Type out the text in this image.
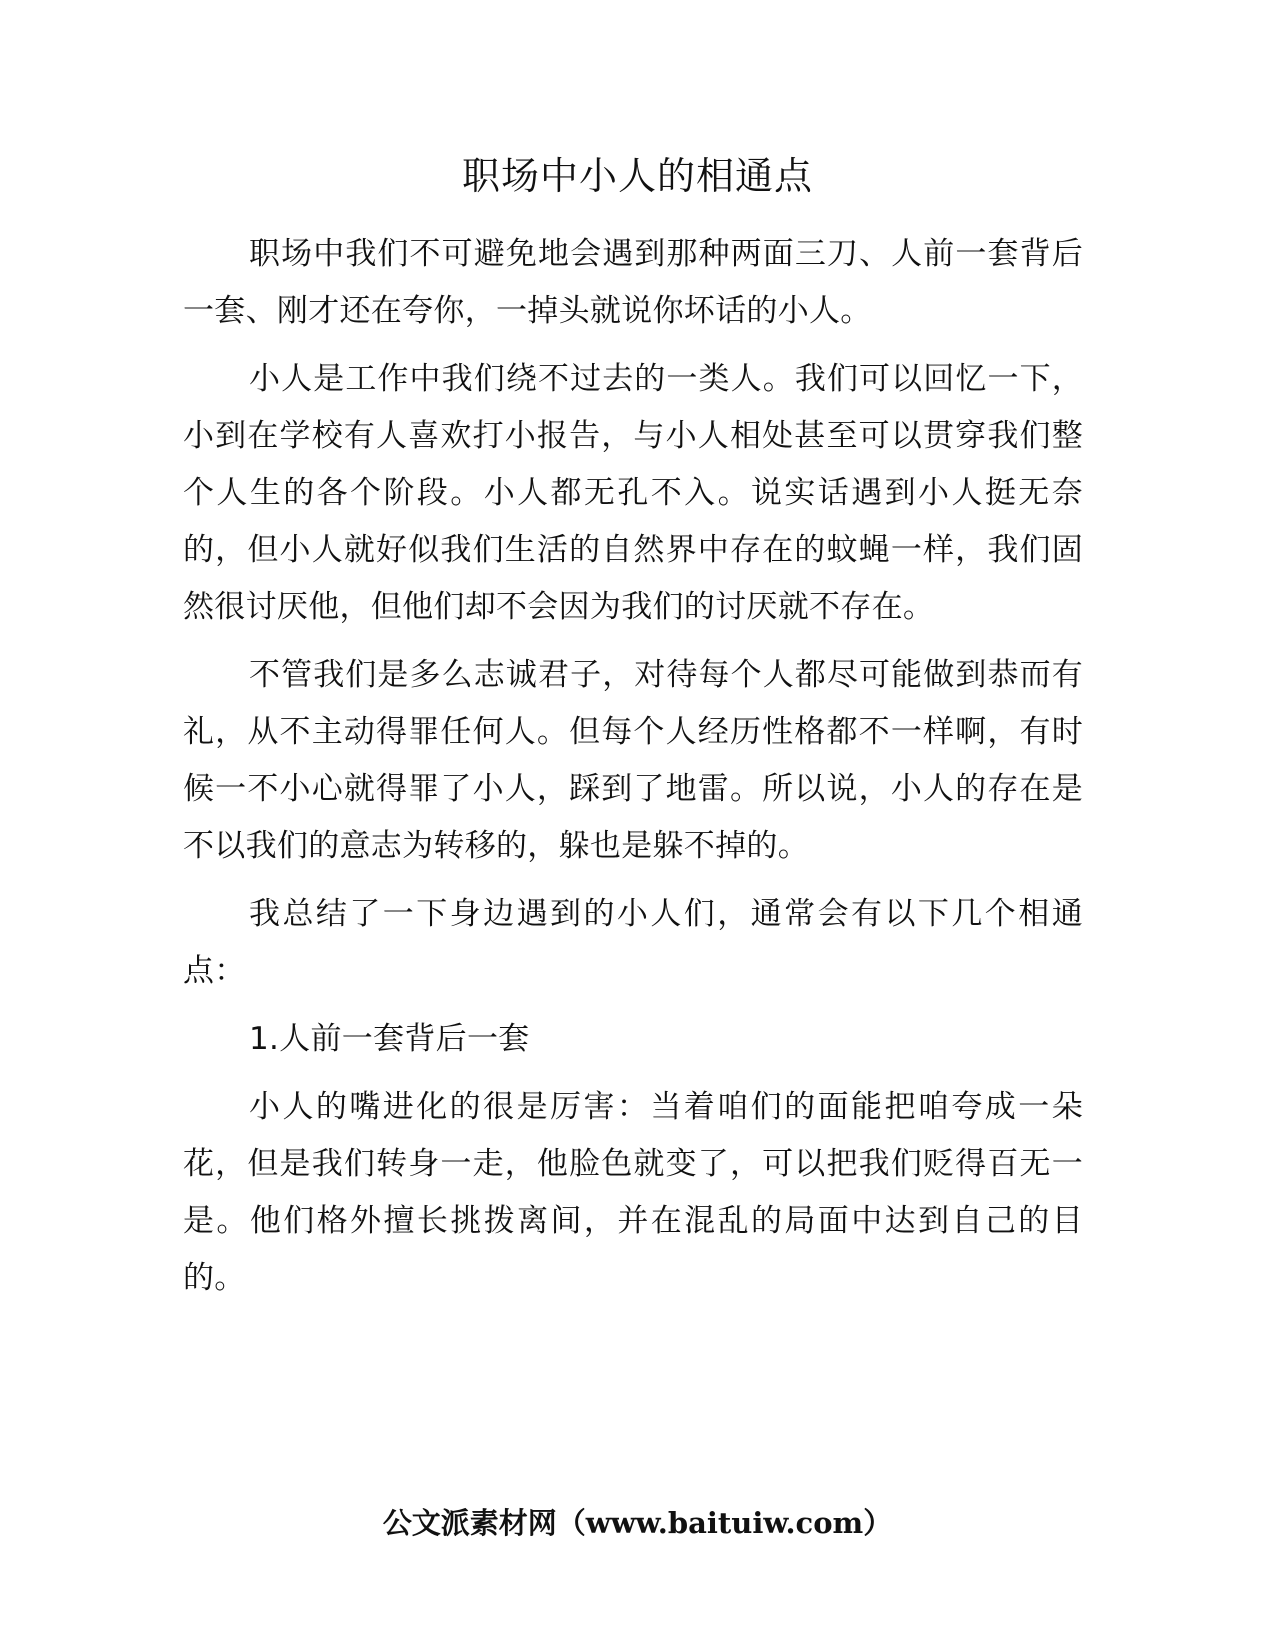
职场中小人的相通点

职场中我们不可避免地会遇到那种两面三刀、人前一套背后一套、刚才还在夸你，一掉头就说你坏话的小人。

小人是工作中我们绕不过去的一类人。我们可以回忆一下，小到在学校有人喜欢打小报告，与小人相处甚至可以贯穿我们整个人生的各个阶段。小人都无孔不入。说实话遇到小人挺无奈的，但小人就好似我们生活的自然界中存在的蚊蝇一样，我们固然很讨厌他，但他们却不会因为我们的讨厌就不存在。

不管我们是多么志诚君子，对待每个人都尽可能做到恭而有礼，从不主动得罪任何人。但每个人经历性格都不一样啊，有时候一不小心就得罪了小人，踩到了地雷。所以说，小人的存在是不以我们的意志为转移的，躲也是躲不掉的。

我总结了一下身边遇到的小人们，通常会有以下几个相通点：

1.人前一套背后一套

小人的嘴进化的很是厉害：当着咱们的面能把咱夸成一朵花，但是我们转身一走，他脸色就变了，可以把我们贬得百无一是。他们格外擅长挑拨离间，并在混乱的局面中达到自己的目的。

公文派素材网（www.baituiw.com）
